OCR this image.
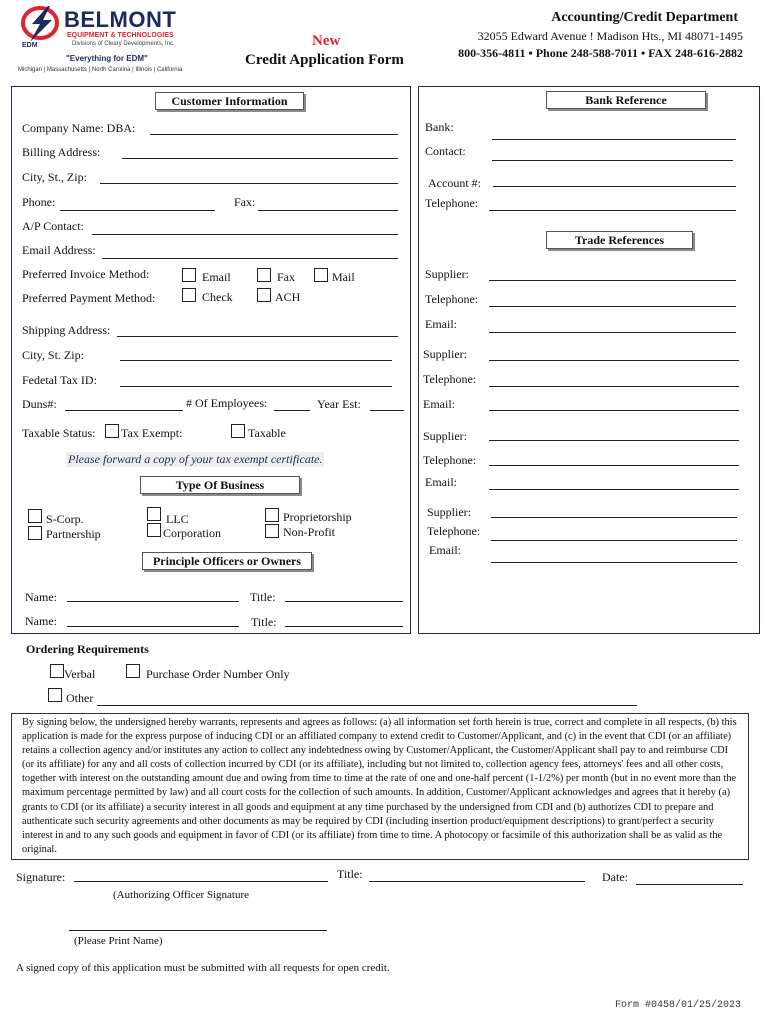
BELMONT
EQUIPMENT & TECHNOLOGIES
Divisions of Cleary Developments, Inc.
EDM
"Everything for EDM"
Michigan | Massachusetts | North Carolina | Illinois | California
New
Credit Application Form
Accounting/Credit Department
32055 Edward Avenue ! Madison Hts., MI 48071-1495
800-356-4811 • Phone 248-588-7011 • FAX 248-616-2882
Customer Information
Company Name: DBA:
Billing Address:
City, St., Zip:
Phone:	Fax:
A/P Contact:
Email Address:
Preferred Invoice Method:	Email	Fax	Mail
Preferred Payment Method:	Check	ACH
Shipping Address:
City, St. Zip:
Fedetal Tax ID:
Duns#:	# Of Employees:	Year Est:
Taxable Status: Tax Exempt:	Taxable
Please forward a copy of your tax exempt certificate.
Type Of Business
S-Corp.
Partnership
LLC
Corporation
Proprietorship
Non-Profit
Principle Officers or Owners
Name:	Title:
Name:	Title:
Bank Reference
Bank:
Contact:
Account #:
Telephone:
Trade References
Supplier:
Telephone:
Email:
Supplier:
Telephone:
Email:
Supplier:
Telephone:
Email:
Supplier:
Telephone:
Email:
Ordering Requirements
Verbal	Purchase Order Number Only
Other
By signing below, the undersigned hereby warrants, represents and agrees as follows: (a) all information set forth herein is true, correct and complete in all respects, (b) this application is made for the express purpose of inducing CDI or an affiliated company to extend credit to Customer/Applicant, and (c) in the event that CDI (or an affiliate) retains a collection agency and/or institutes any action to collect any indebtedness owing by Customer/Applicant, the Customer/Applicant shall pay to and reimburse CDI (or its affiliate) for any and all costs of collection incurred by CDI (or its affiliate), including but not limited to, collection agency fees, attorneys' fees and all other costs, together with interest on the outstanding amount due and owing from time to time at the rate of one and one-half percent (1-1/2%) per month (but in no event more than the maximum percentage permitted by law) and all court costs for the collection of such amounts. In addition, Customer/Applicant acknowledges and agrees that it hereby (a) grants to CDI (or its affiliate) a security interest in all goods and equipment at any time purchased by the undersigned from CDI and (b) authorizes CDI to prepare and authenticate such security agreements and other documents as may be required by CDI (including insertion product/equipment descriptions) to grant/perfect a security interest in and to any such goods and equipment in favor of CDI (or its affiliate) from time to time. A photocopy or facsimile of this authorization shall be as valid as the original.
Signature:	Title:	Date:
(Authorizing Officer Signature
(Please Print Name)
A signed copy of this application must be submitted with all requests for open credit.
Form #0458/01/25/2023
